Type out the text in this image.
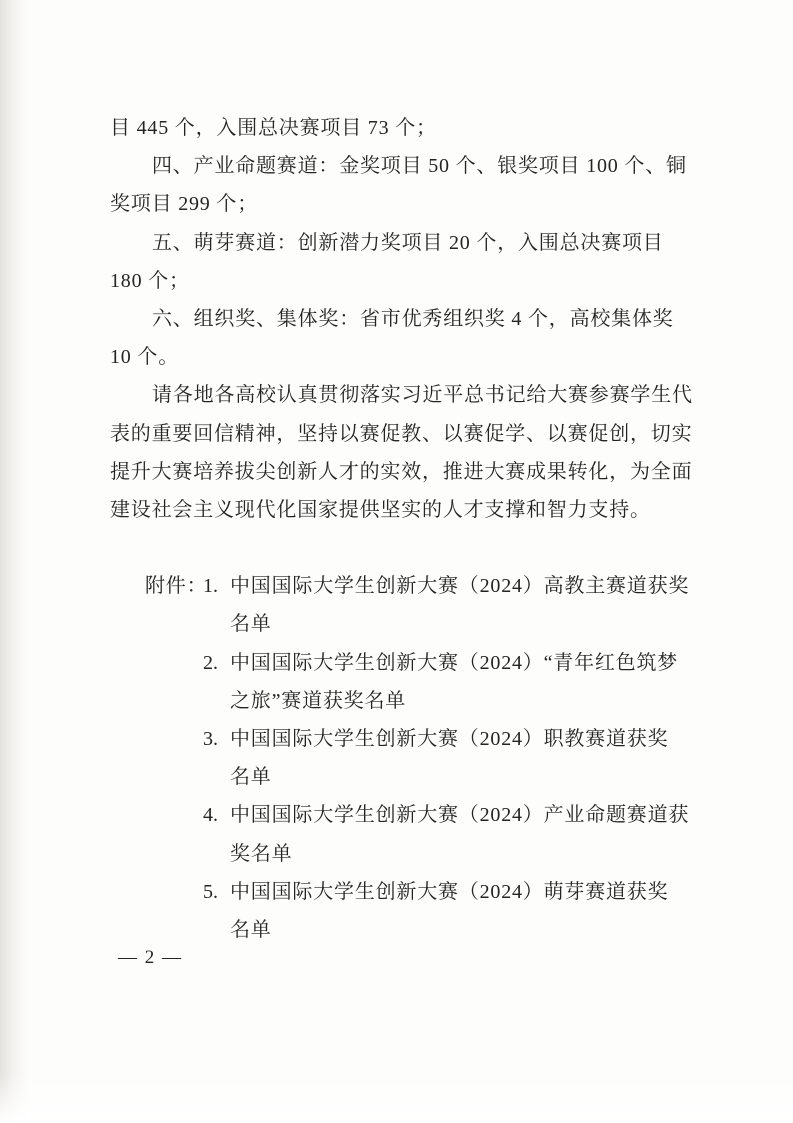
目 445 个，入围总决赛项目 73 个；
四、产业命题赛道：金奖项目 50 个、银奖项目 100 个、铜
奖项目 299 个；
五、萌芽赛道：创新潜力奖项目 20 个，入围总决赛项目
180 个；
六、组织奖、集体奖：省市优秀组织奖 4 个，高校集体奖
10 个。
请各地各高校认真贯彻落实习近平总书记给大赛参赛学生代
表的重要回信精神，坚持以赛促教、以赛促学、以赛促创，切实
提升大赛培养拔尖创新人才的实效，推进大赛成果转化，为全面
建设社会主义现代化国家提供坚实的人才支撑和智力支持。
附件：
1. 中国国际大学生创新大赛（2024）高教主赛道获奖
名单
2. 中国国际大学生创新大赛（2024）“青年红色筑梦
之旅”赛道获奖名单
3. 中国国际大学生创新大赛（2024）职教赛道获奖
名单
4. 中国国际大学生创新大赛（2024）产业命题赛道获
奖名单
5. 中国国际大学生创新大赛（2024）萌芽赛道获奖
名单
— 2 —
